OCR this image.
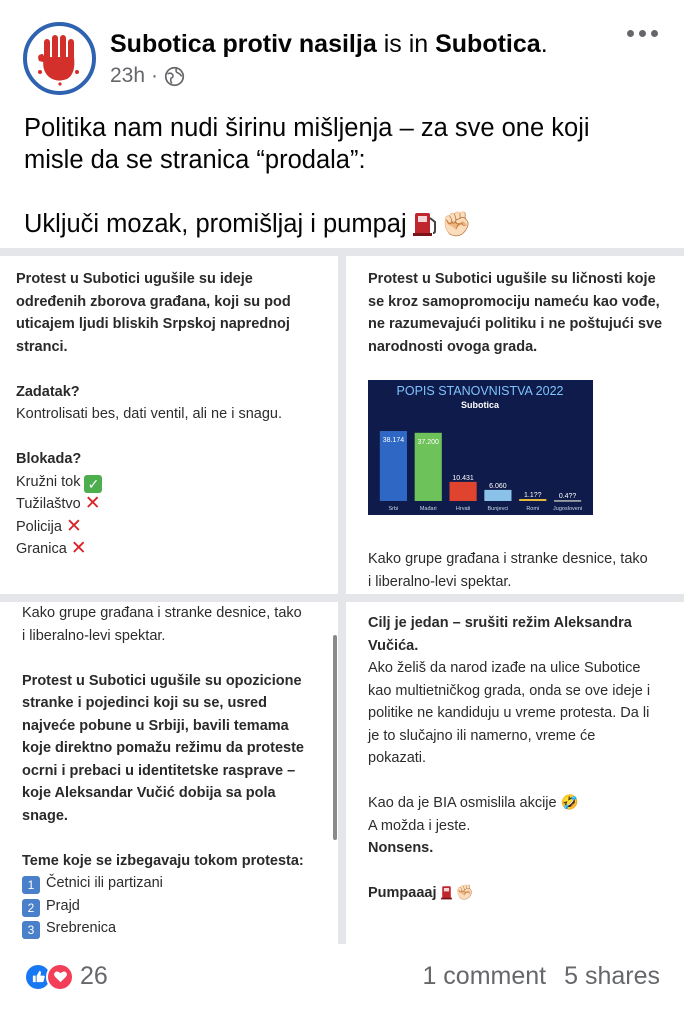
Subotica protiv nasilja is in Subotica.
23h ·
Politika nam nudi širinu mišljenja – za sve one koji
misle da se stranica “prodala”:
Uključi mozak, promišljaj i pumpaj ✊🏻
Protest u Subotici ugušile su ideje
određenih zborova građana, koji su pod
uticajem ljudi bliskih Srpskoj naprednoj
stranci.
Zadatak?
Kontrolisati bes, dati ventil, ali ne i snagu.
Blokada?
Kružni tok ✓
Tužilaštvo ✕
Policija ✕
Granica ✕
Protest u Subotici ugušile su ličnosti koje
se kroz samopromociju nameću kao vođe,
ne razumevajući politiku i ne poštujući sve
narodnosti ovoga grada.
POPIS STANOVNISTVA 2022
Subotica
38.174
Srbi
37.200
Mađari
10.431
Hrvati
6.060
Bunjevci
1.1??
Romi
0.4??
Jugosloveni
Kako grupe građana i stranke desnice, tako
i liberalno-levi spektar.
Kako grupe građana i stranke desnice, tako
i liberalno-levi spektar.
Protest u Subotici ugušile su opozicione
stranke i pojedinci koji su se, usred
najveće pobune u Srbiji, bavili temama
koje direktno pomažu režimu da proteste
ocrni i prebaci u identitetske rasprave –
koje Aleksandar Vučić dobija sa pola
snage.
Teme koje se izbegavaju tokom protesta:
1 Četnici ili partizani
2 Prajd
3 Srebrenica
Cilj je jedan – srušiti režim Aleksandra
Vučića.
Ako želiš da narod izađe na ulice Subotice
kao multietničkog grada, onda se ove ideje i
politike ne kandiduju u vreme protesta. Da li
je to slučajno ili namerno, vreme će
pokazati.
Kao da je BIA osmislila akcije 🤣
A možda i jeste.
Nonsens.
Pumpaaaj ✊🏻
26	1 comment 5 shares
